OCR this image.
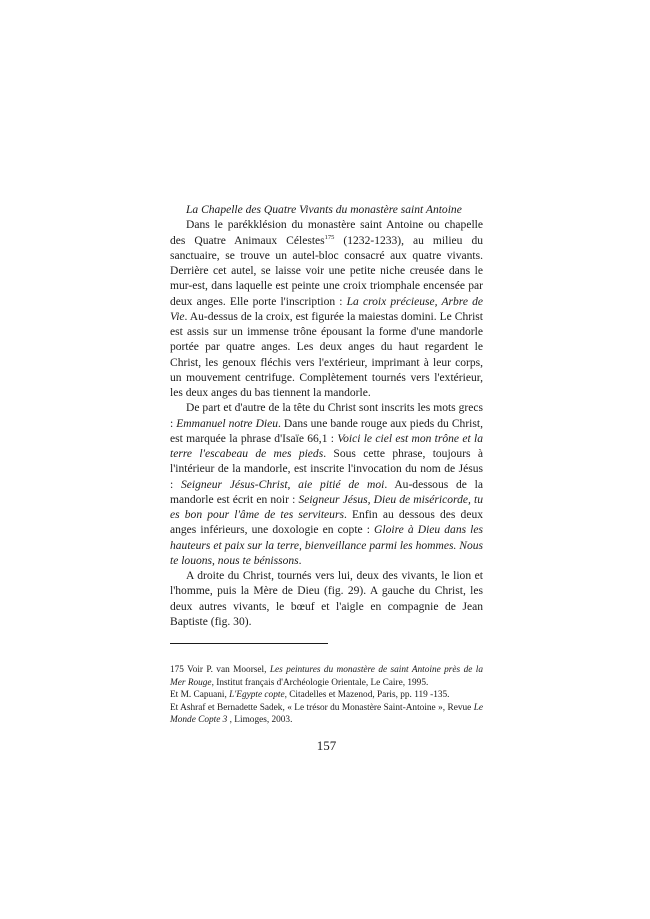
La Chapelle des Quatre Vivants du monastère saint Antoine

Dans le parékklésion du monastère saint Antoine ou chapelle des Quatre Animaux Célestes$^{175}$ (1232-1233), au milieu du sanctuaire, se trouve un autel-bloc consacré aux quatre vivants. Derrière cet autel, se laisse voir une petite niche creusée dans le mur-est, dans laquelle est peinte une croix triomphale encensée par deux anges. Elle porte l'inscription : La croix précieuse, Arbre de Vie. Au-dessus de la croix, est figurée la maiestas domini. Le Christ est assis sur un immense trône épousant la forme d'une mandorle portée par quatre anges. Les deux anges du haut regardent le Christ, les genoux fléchis vers l'extérieur, imprimant à leur corps, un mouvement centrifuge. Complètement tournés vers l'extérieur, les deux anges du bas tiennent la mandorle.

De part et d'autre de la tête du Christ sont inscrits les mots grecs : Emmanuel notre Dieu. Dans une bande rouge aux pieds du Christ, est marquée la phrase d'Isaïe 66,1 : Voici le ciel est mon trône et la terre l'escabeau de mes pieds. Sous cette phrase, toujours à l'intérieur de la mandorle, est inscrite l'invocation du nom de Jésus : Seigneur Jésus-Christ, aie pitié de moi. Au-dessous de la mandorle est écrit en noir : Seigneur Jésus, Dieu de miséricorde, tu es bon pour l'âme de tes serviteurs. Enfin au dessous des deux anges inférieurs, une doxologie en copte : Gloire à Dieu dans les hauteurs et paix sur la terre, bienveillance parmi les hommes. Nous te louons, nous te bénissons.

A droite du Christ, tournés vers lui, deux des vivants, le lion et l'homme, puis la Mère de Dieu (fig. 29). A gauche du Christ, les deux autres vivants, le bœuf et l'aigle en compagnie de Jean Baptiste (fig. 30).

175 Voir P. van Moorsel, Les peintures du monastère de saint Antoine près de la Mer Rouge, Institut français d'Archéologie Orientale, Le Caire, 1995.

Et M. Capuani, L'Egypte copte, Citadelles et Mazenod, Paris, pp. 119 -135.

Et Ashraf et Bernadette Sadek, « Le trésor du Monastère Saint-Antoine », Revue Le Monde Copte 3 , Limoges, 2003.

157
